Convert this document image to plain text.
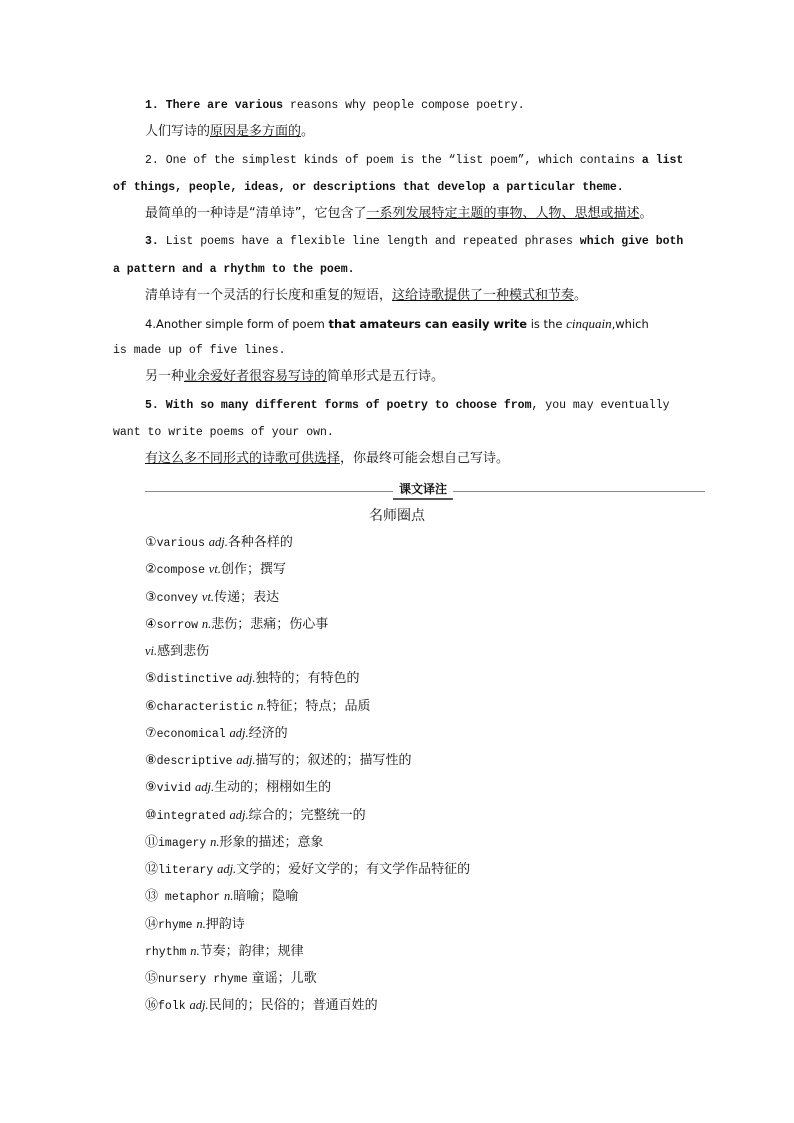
1. There are various reasons why people compose poetry.
人们写诗的原因是多方面的。
2. One of the simplest kinds of poem is the “list poem”, which contains a list
of things, people, ideas, or descriptions that develop a particular theme.
最简单的一种诗是“清单诗”，它包含了一系列发展特定主题的事物、人物、思想或描述。
3. List poems have a flexible line length and repeated phrases which give both
a pattern and a rhythm to the poem.
清单诗有一个灵活的行长度和重复的短语，这给诗歌提供了一种模式和节奏。
4.Another simple form of poem that amateurs can easily write is the cinquain,which
is made up of five lines.
另一种业余爱好者很容易写诗的简单形式是五行诗。
5. With so many different forms of poetry to choose from, you may eventually
want to write poems of your own.
有这么多不同形式的诗歌可供选择，你最终可能会想自己写诗。
课文译注
名师圈点
①various adj.各种各样的
②compose vt.创作；撰写
③convey vt.传递；表达
④sorrow n.悲伤；悲痛；伤心事
vi.感到悲伤
⑤distinctive adj.独特的；有特色的
⑥characteristic n.特征；特点；品质
⑦economical adj.经济的
⑧descriptive adj.描写的；叙述的；描写性的
⑨vivid adj.生动的；栩栩如生的
⑩integrated adj.综合的；完整统一的
⑪imagery n.形象的描述；意象
⑫literary adj.文学的；爱好文学的；有文学作品特征的
⑬ metaphor n.暗喻；隐喻
⑭rhyme n.押韵诗
rhythm n.节奏；韵律；规律
⑮nursery rhyme 童谣；儿歌
⑯folk adj.民间的；民俗的；普通百姓的
